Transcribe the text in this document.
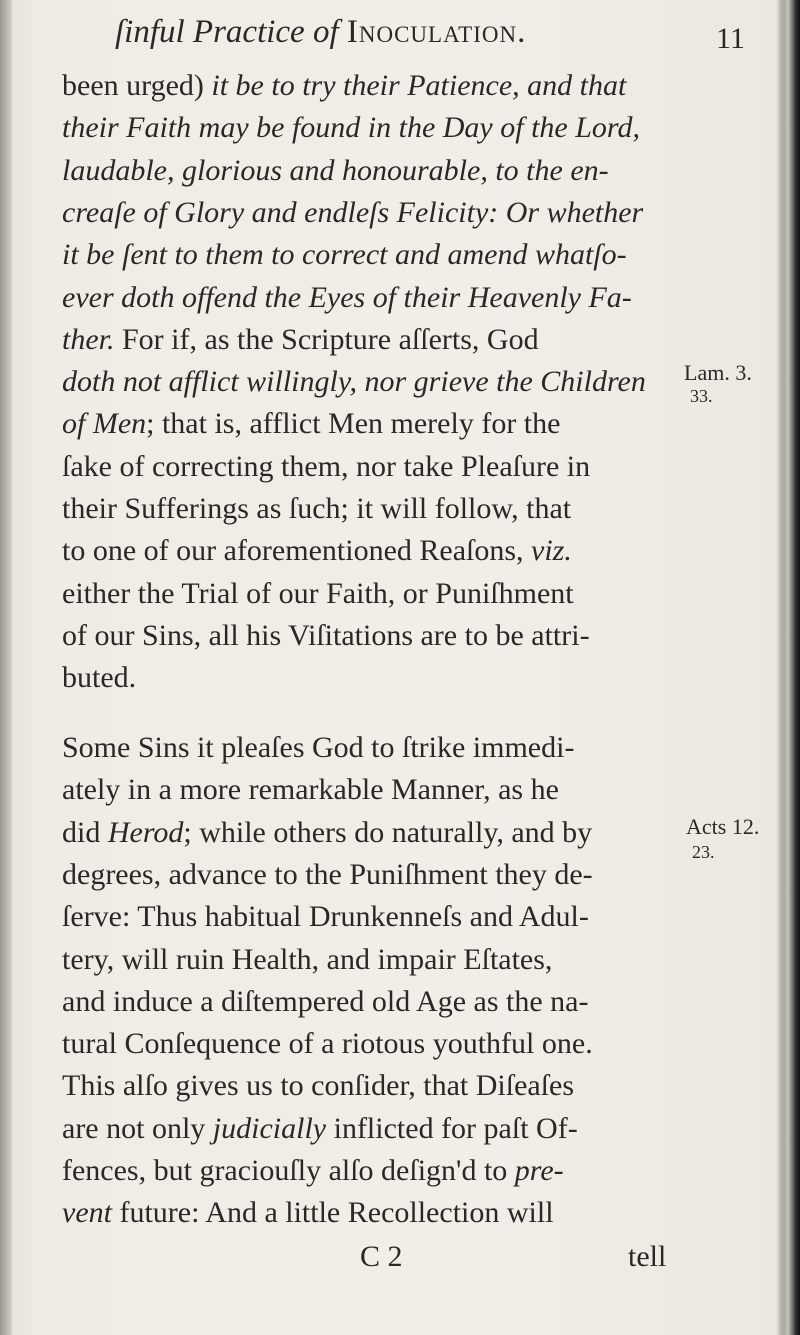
ſinful Practice of Inoculation.	11
been urged) it be to try their Patience, and that
their Faith may be found in the Day of the Lord,
laudable, glorious and honourable, to the en-
creaſe of Glory and endleſs Felicity: Or whether
it be ſent to them to correct and amend whatſo-
ever doth offend the Eyes of their Heavenly Fa-
ther. For if, as the Scripture aſſerts, God
doth not afflict willingly, nor grieve the Children
of Men; that is, afflict Men merely for the
ſake of correcting them, nor take Pleaſure in
their Sufferings as ſuch; it will follow, that
to one of our aforementioned Reaſons, viz.
either the Trial of our Faith, or Puniſhment
of our Sins, all his Viſitations are to be attri-
buted.
Some Sins it pleaſes God to ſtrike immedi-
ately in a more remarkable Manner, as he
did Herod; while others do naturally, and by
degrees, advance to the Puniſhment they de-
ſerve: Thus habitual Drunkenneſs and Adul-
tery, will ruin Health, and impair Eſtates,
and induce a diſtempered old Age as the na-
tural Conſequence of a riotous youthful one.
This alſo gives us to conſider, that Diſeaſes
are not only judicially inflicted for paſt Of-
fences, but graciouſly alſo deſign'd to pre-
vent future: And a little Recollection will
Lam. 3.
33.
Acts 12.
23.
C 2	tell
